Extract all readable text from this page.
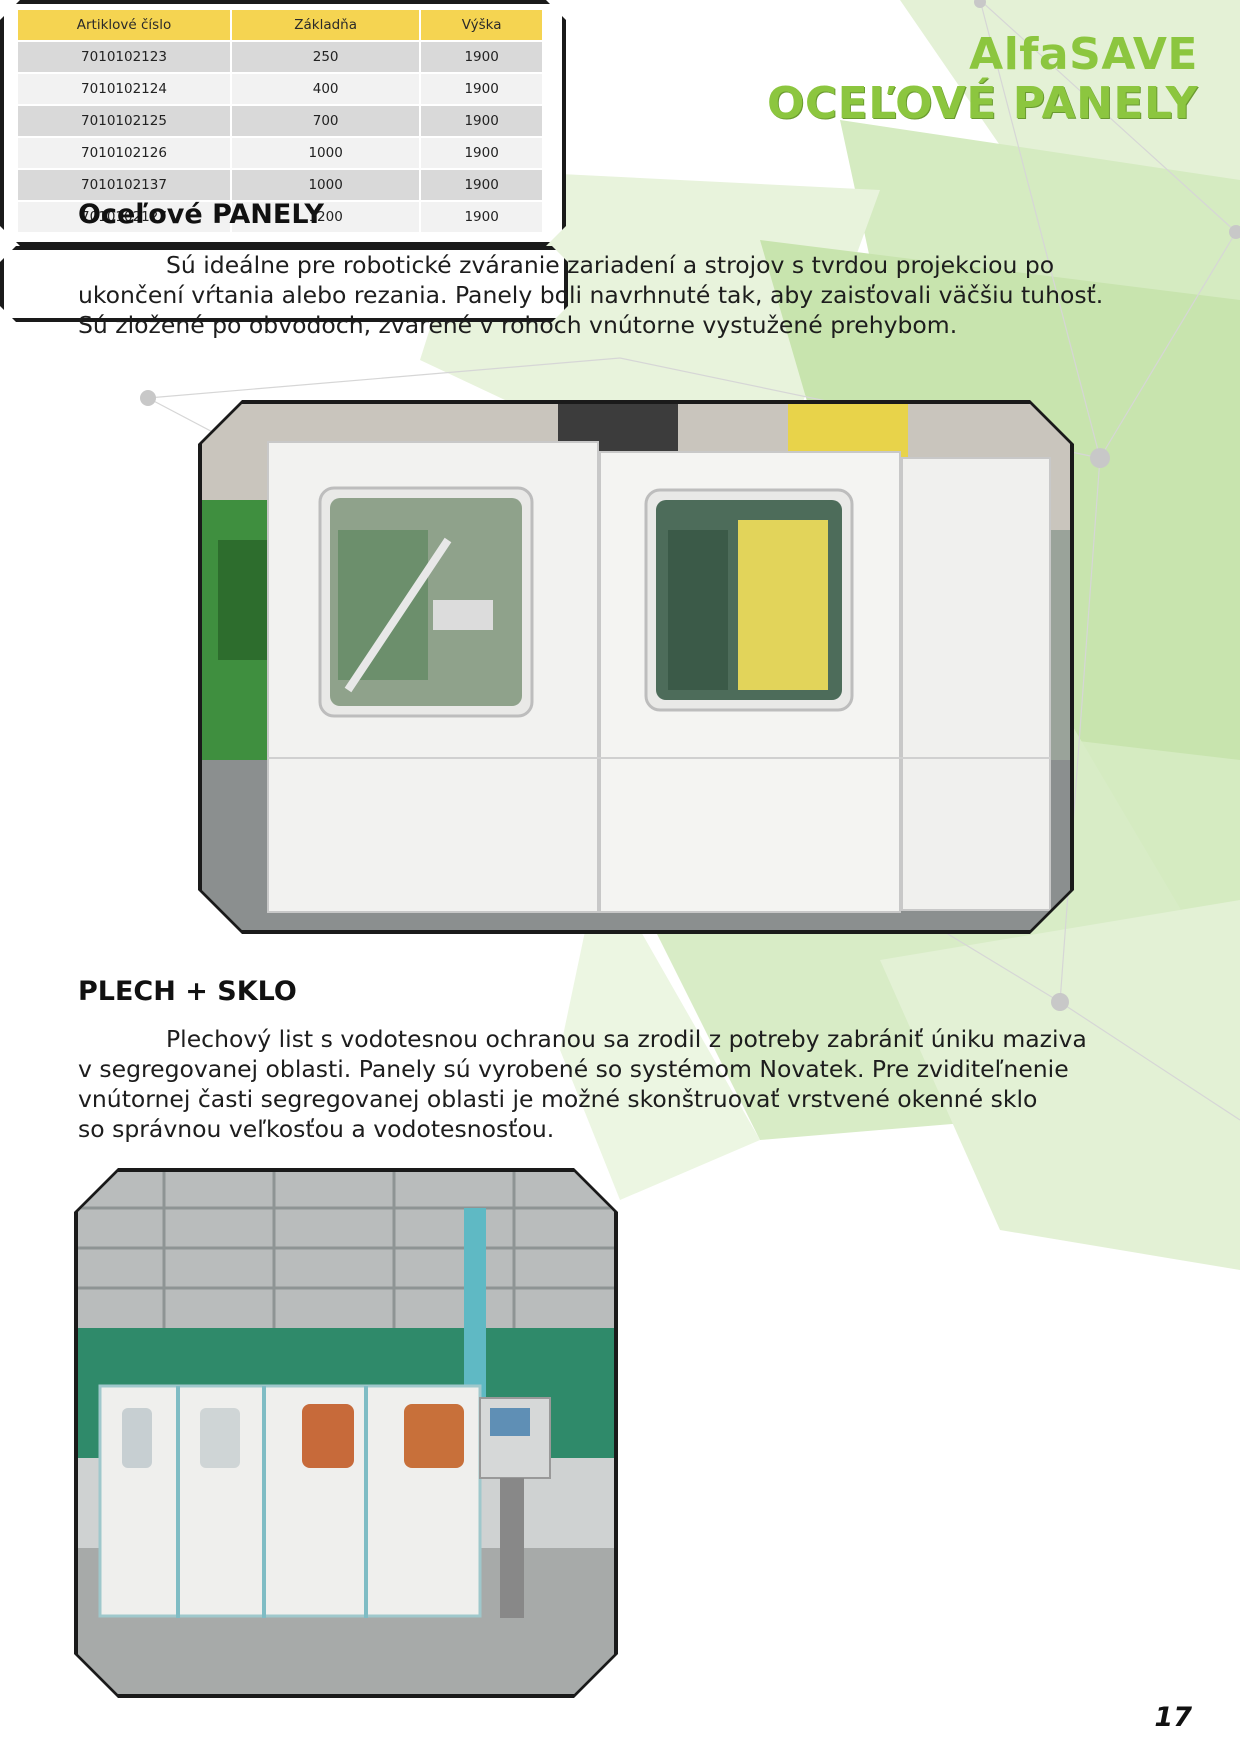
AlfaSAVE
OCEĽOVÉ PANELY
Oceľové PANELY

Sú ideálne pre robotické zváranie zariadení a strojov s tvrdou projekciou po

ukončení vŕtania alebo rezania. Panely boli navrhnuté tak, aby zaisťovali väčšiu tuhosť.

Sú zložené po obvodoch, zvarené v rohoch vnútorne vystužené prehybom.

PLECH + SKLO

Plechový list s vodotesnou ochranou sa zrodil z potreby zabrániť úniku maziva

v segregovanej oblasti. Panely sú vyrobené so systémom Novatek. Pre zviditeľnenie

vnútornej časti segregovanej oblasti je možné skonštruovať vrstvené okenné sklo

so správnou veľkosťou a vodotesnosťou.

Artiklové číslo	Základňa	Výška
7010102123	250	1900
7010102124	400	1900
7010102125	700	1900
7010102126	1000	1900
7010102137	1000	1900
7010102127	1200	1900
17
